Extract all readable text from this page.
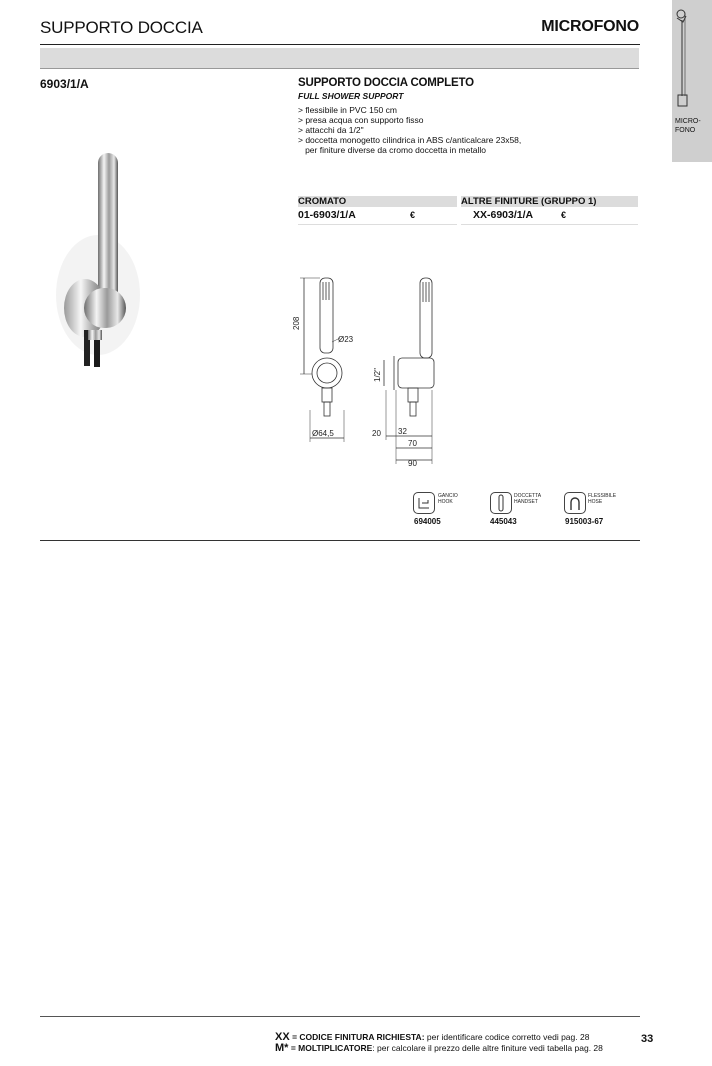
SUPPORTO DOCCIA	MICROFONO
MICRO-
FONO
6903/1/A	SUPPORTO DOCCIA COMPLETO
FULL SHOWER SUPPORT
> flessibile in PVC 150 cm
> presa acqua con supporto fisso
> attacchi da 1/2"
> doccetta monogetto cilindrica in ABS c/anticalcare 23x58,
per finiture diverse da cromo doccetta in metallo
CROMATO	ALTRE FINITURE (GRUPPO 1)
01-6903/1/A	€	XX-6903/1/A	€
208
Ø23
Ø64,5
1/2"
20 32
70
90
GANCIO
HOOK
694005
DOCCETTA
HANDSET
445043
FLESSIBILE
HOSE
915003-67
XX = CODICE FINITURA RICHIESTA: per identificare codice corretto vedi pag. 28
M* = MOLTIPLICATORE: per calcolare il prezzo delle altre finiture vedi tabella pag. 28
33
